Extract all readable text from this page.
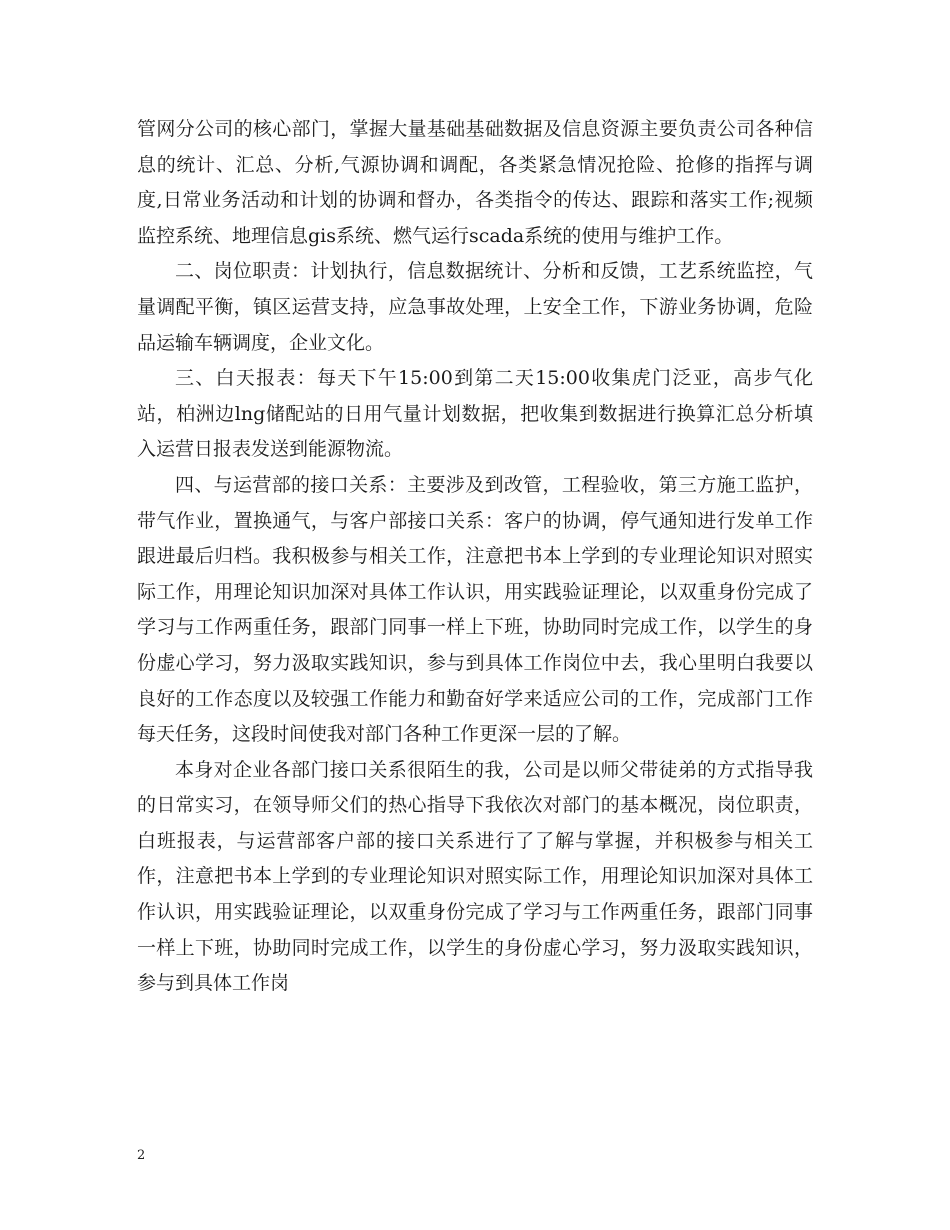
管网分公司的核心部门，掌握大量基础基础数据及信息资源主要负责公司各种信息的统计、汇总、分析,气源协调和调配，各类紧急情况抢险、抢修的指挥与调度,日常业务活动和计划的协调和督办，各类指令的传达、跟踪和落实工作;视频监控系统、地理信息gis系统、燃气运行scada系统的使用与维护工作。

二、岗位职责：计划执行，信息数据统计、分析和反馈，工艺系统监控，气量调配平衡，镇区运营支持，应急事故处理，上安全工作，下游业务协调，危险品运输车辆调度，企业文化。

三、白天报表：每天下午15:00到第二天15:00收集虎门泛亚，高步气化站，柏洲边lng储配站的日用气量计划数据，把收集到数据进行换算汇总分析填入运营日报表发送到能源物流。

四、与运营部的接口关系：主要涉及到改管，工程验收，第三方施工监护，带气作业，置换通气，与客户部接口关系：客户的协调，停气通知进行发单工作跟进最后归档。我积极参与相关工作，注意把书本上学到的专业理论知识对照实际工作，用理论知识加深对具体工作认识，用实践验证理论，以双重身份完成了学习与工作两重任务，跟部门同事一样上下班，协助同时完成工作，以学生的身份虚心学习，努力汲取实践知识，参与到具体工作岗位中去，我心里明白我要以良好的工作态度以及较强工作能力和勤奋好学来适应公司的工作，完成部门工作每天任务，这段时间使我对部门各种工作更深一层的了解。

本身对企业各部门接口关系很陌生的我，公司是以师父带徒弟的方式指导我的日常实习，在领导师父们的热心指导下我依次对部门的基本概况，岗位职责，白班报表，与运营部客户部的接口关系进行了了解与掌握，并积极参与相关工作，注意把书本上学到的专业理论知识对照实际工作，用理论知识加深对具体工作认识，用实践验证理论，以双重身份完成了学习与工作两重任务，跟部门同事一样上下班，协助同时完成工作，以学生的身份虚心学习，努力汲取实践知识，参与到具体工作岗

2
